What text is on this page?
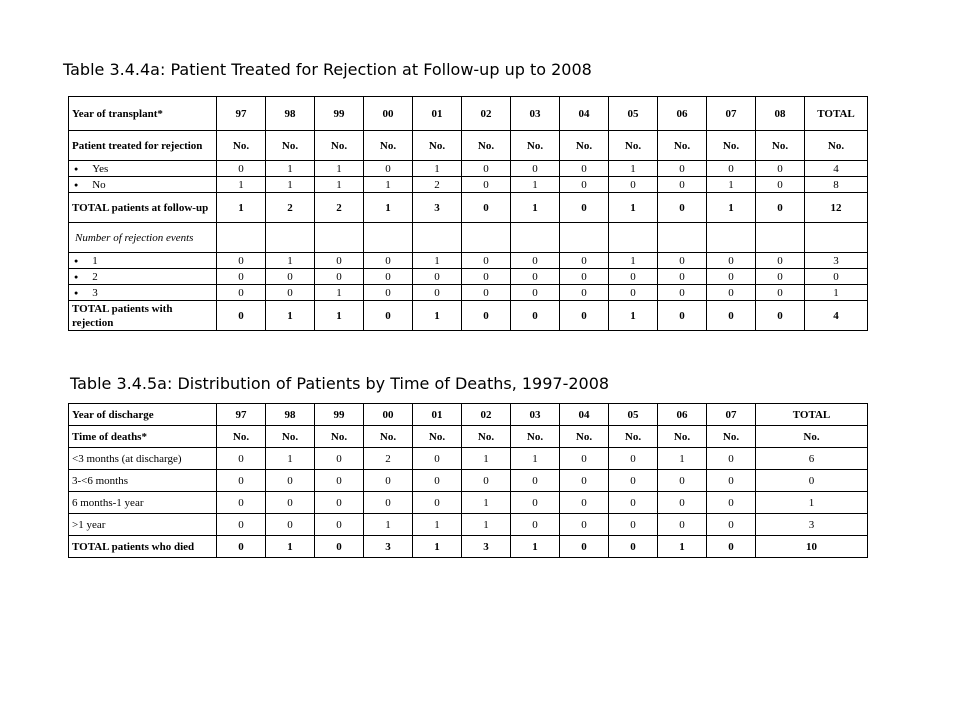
Table 3.4.4a: Patient Treated for Rejection at Follow-up up to 2008
Year of transplant*	97	98	99	00	01	02	03	04	05	06	07	08	TOTAL
Patient treated for rejection	No.	No.	No.	No.	No.	No.	No.	No.	No.	No.	No.	No.	No.
● Yes	0	1	1	0	1	0	0	0	1	0	0	0	4
● No	1	1	1	1	2	0	1	0	0	0	1	0	8
TOTAL patients at follow-up	1	2	2	1	3	0	1	0	1	0	1	0	12
Number of rejection events													
● 1	0	1	0	0	1	0	0	0	1	0	0	0	3
● 2	0	0	0	0	0	0	0	0	0	0	0	0	0
● 3	0	0	1	0	0	0	0	0	0	0	0	0	1
TOTAL patients with rejection	0	1	1	0	1	0	0	0	1	0	0	0	4
Table 3.4.5a: Distribution of Patients by Time of Deaths, 1997-2008
Year of discharge	97	98	99	00	01	02	03	04	05	06	07	TOTAL
Time of deaths*	No.	No.	No.	No.	No.	No.	No.	No.	No.	No.	No.	No.
<3 months (at discharge)	0	1	0	2	0	1	1	0	0	1	0	6
3-<6 months	0	0	0	0	0	0	0	0	0	0	0	0
6 months-1 year	0	0	0	0	0	1	0	0	0	0	0	1
>1 year	0	0	0	1	1	1	0	0	0	0	0	3
TOTAL patients who died	0	1	0	3	1	3	1	0	0	1	0	10
